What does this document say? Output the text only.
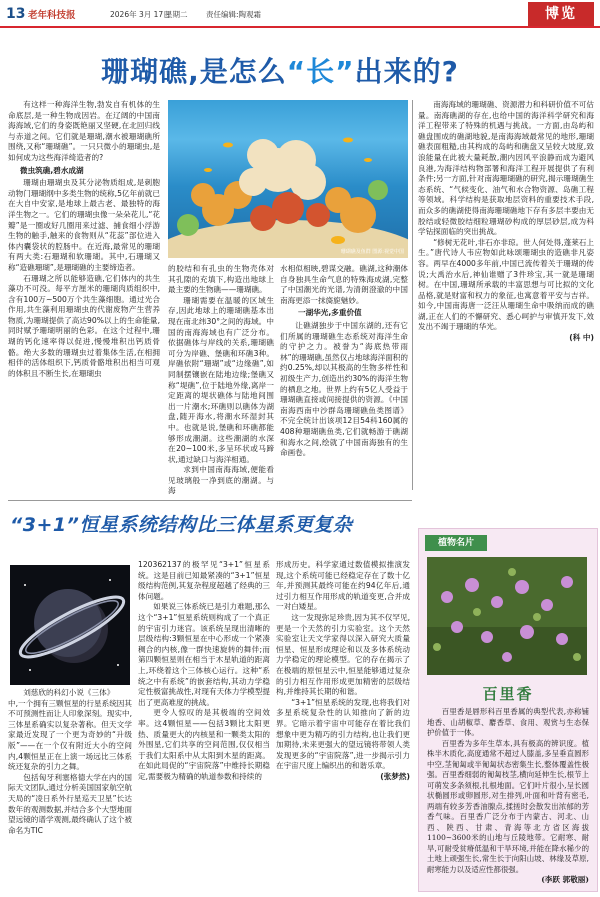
13 老年科技报	2026年 3月 17日
星期二 责任编辑:陶观霜	博览
珊瑚礁,是怎么“长”出来的?
有这样一种海洋生物,勃发自有机体的生命底层,是一种生物成因岩。在辽阔的中国南海海域,它们的身姿既艳丽又坚硬,在北回归线与赤道之间。它们就是珊瑚,潮水被珊瑚礁所围绕,又称“珊瑚礁”。一只只微小的珊瑚虫,是如何成为这些海洋绮造者的?
微虫筑礁,碧水成湖
珊瑚由珊瑚虫及其分泌物质组成,是刺胞动物门珊瑚纲中多类生物的统称,5亿年前就已在大自中安家,是地球上最古老、最独特的海洋生物之一。它们的珊瑚虫像一朵朵花儿,“花瓣”是一圈或好几圈用来过滤、捕食细小浮游生物的触手,触来的食物则从“花蕊”部位进入体内囊袋状的腔肠中。在近海,最常见的珊瑚有两大类:石珊瑚和软珊瑚。其中,石珊瑚又称“造礁珊瑚”,是珊瑚礁的主要缔造者。
石珊瑚之所以能够造礁,它们体内的共生藻功不可没。每平方厘米的珊瑚肉质组织中,含有100万~500万个共生藻细胞。通过光合作用,共生藻利用珊瑚虫的代谢废物产生营养物质,为珊瑚提供了高达90%以上的生命能量,同时赋予珊瑚明丽的色彩。在这个过程中,珊瑚的钙化速率得以促进,慢慢堆积出钙质骨骼。绝大多数的珊瑚虫过着集体生活,在相拥相伴的活体组织下,钙质骨骼堆积出相当可观的体积且不断生长,在珊瑚虫
珊瑚礁及鱼群 图源:视觉中国
的胶结和有孔虫的生物壳体对其孔隙的充填下,构造出地球上最主要的生物礁——珊瑚礁。
珊瑚需要在温暖的区域生存,因此地球上的珊瑚礁基本出现在南北纬30°之间的海域。中国的南海海域也有广泛分布。依据礁体与岸线的关系,珊瑚礁可分为岸礁、堡礁和环礁3种。岸礁依附“珊瑚”或“边缘礁”,如同制摆镶嵌在陆地边缘;堡礁又称“堤礁”,位于陆地外缘,离岸一定距离的堤状礁体与陆地间围出一片潮水;环礁则以礁体为湖盘,随开海水,将潮水环湿封其中。也就是说,堡礁和环礁都能够形成潮湖。这些潮湖的水深在20~100米,多呈环状或马蹄状,通过缺口与海洋相通。
求到中国南海海域,便能看见玻璃般一净到底的潮湖。与海
水相似相映,碧谋交融。礁湖,这种潮体自身独具生命气息的特殊海成湖,完整了中国潮光的光谱,为清朗澄澈的中国南海更添一抹旖旎魅妙。
一湖华光,多重价值
让礁湖独步于中国东湖的,还有它们所属的珊瑚礁生态系统对海洋生命的守护之力。被誉为“海底热带雨林”的珊瑚礁,虽然仅占地球海洋面积的约0.25%,却以其极高的生物多样性和初级生产力,创造出约30%的海洋生物的栖息之地。世界上约有5亿人受益于珊瑚礁直接或间接提供的资源。《中国南海西南中沙群岛珊瑚礁鱼类图谱》不完全统计出该项12目54科160属的408种珊瑚礁鱼类,它们就畅游于礁湖和海水之间,绘就了中国南海独有的生命画卷。
南海海域的珊瑚礁、资源潜力和科研价值不可估量。南海礁湖的存在,也给中国的海洋科学研究和海洋工程带来了特殊的机遇与挑战。一方面,由岛屿和礁盘围成的礁湖地貌,是南海海域最常见的地形,珊瑚礁表面粗糙,由其构成的岛屿和礁盘又呈较大坡度,致浪能量在此被大量耗散,潮内因风平浪静而成为避风良港,为海洋结构物部署和海洋工程开展提供了有利条件;另一方面,针对南海珊瑚礁的研究,揭示珊瑚礁生态系统、“气候变化、油气和水合物资源、岛礁工程等领域。科学结构是获取地层资料的重要技术手段,而众多的礁湖使得南海珊瑚礁地下存有多层丰要由无胶结或轻微胶结细粒珊瑚砂构成的厚层砂层,成为科学钻探面临的突出挑战。
“修树无花叶,非石亦非琼。世人何处得,蓬莱石上生。”唐代诗人韦应物如此咏颂珊瑚虫的造礁非凡姿容。两早在4000多年前,中国已流传着关于珊瑚的传说;大禹治水后,神仙谁赠了3件珍宝,其一就是珊瑚树。在中国,珊瑚所承载的丰富思想与可比拟的文化品格,就是财富和权力的象征,也寓意着平安与吉祥。如今,中国南海唐一泛汪从珊瑚生命中吸纳而成的礁湖,正在人们的不懈研究、悉心呵护与审慎开发下,效发出不竭于珊瑚的华光。
(科 中)
“3+1”恒星系统结构比三体星系更复杂
刘慈欣的科幻小说《三体》
中,一个拥有三颗恒星的行星系统因其不可预测性而让人印象深刻。现实中,三体星系确实以复杂著称。但天文学家最近发现了一个更为奇妙的“升级版”——在一个仅有附近大小的空间内,4颗恒星正在上演一场远比三体系统还复杂的引力之舞。
包括匈牙利塞格德大学在内的国际天文团队,通过分析美国国家航空航天局的“凌日系外行星巡天卫星”长达数年的观测数据,并结合多个大型地面望远镜的谱学观测,最终确认了这个被命名为TIC
120362137的极罕见“3+1”恒星系统。这是目前已知最紧凑的“3+1”恒星级结构范例,其复杂程度超越了经典的三体问题。
如果说三体系统已是引力难题,那么这个“3+1”恒星系统则构成了一个真正的宇宙引力迷宫。该系统呈现出清晰的层级结构:3颗恒星在中心形成一个紧凑稠合的内核,像一群快速旋转的舞伴;而第四颗恒星则在相当于木星轨道的距离上,环绕着这个三体核心运行。这种“系统之中有系统”的嵌套结构,其动力学稳定性极富挑战性,对现有天体力学模型提出了更高难度的挑战。
更令人惊叹的是其极端的空间效率。这4颗恒星——包括3颗比太阳更热、质量更大的内核星和一颗类太阳的外围星,它们共享的空间范围,仅仅相当于我们太阳系中从太阳到木星的距离。在如此局促的“宇宙院落”中维持长期稳定,需要极为精确的轨道参数和持续的
形成历史。科学家通过数值模拟推演发现,这个系统可能已经稳定存在了数十亿年,并预测其最终可能在约94亿年后,通过引力相互作用形成的轨道变更,合并成一对白矮星。
这一发现弥足珍贵,因为其不仅罕见,更是一个天然的引力实验室。这个天然实验室让天文学家得以深入研究大质量恒星、恒星形成理论和以及多体系统动力学稳定的理论模型。它的存在揭示了在极端的原恒星云中,恒星能够通过复杂的引力相互作用形成更加精密的层级结构,并维持其长期的和谐。
“3+1”恒星系统的发现,也将我们对多星系统复杂性的认知推向了新的边界。它暗示着宇宙中可能存在着比我们想象中更为精巧的引力结构,也让我们更加期待,未来更强大的望远镜将带领人类发现更多的“宇宙院落”,进一步揭示引力在宇宙尺度上编织出的和谐乐章。
(张梦然)
植物名片
百里香
百里香是唇形科百里香属的典型代表,亦称铺地香、山胡椒草、麝香草、食用、观赏与生态保护价值于一体。
百里香为多年生草本,具有极高的辨识度。植株半木质化,高度通常不超过人膝盖,多呈垂直圆形中空,茎匍匐或半匍匐状态密集生长,整体覆盖性极强。百里香细弱的匍匐枝茎,横向延伸生长,根节上可萌发多条须根,扎根地面。它们叶片很小,呈长圆状椭圆形或卵圆形,对生排列,叶面和叶背有密毛,两端有较多芳香油腺点,揉搓时会散发出浓郁的芳香气味。百里香广泛分布于内蒙古、河北、山西、陕西、甘肃、青海等北方省区海拔1100~3600米的山地与丘陵地带。它耐寒、耐旱,可耐受贫瘠低温和干旱环境,并能在降水稀少的土地上顽强生长,常生长于向阳山坡、林缘及草原,耐寒能力以及适应性都很强。
(李跃 郭敬丽)
